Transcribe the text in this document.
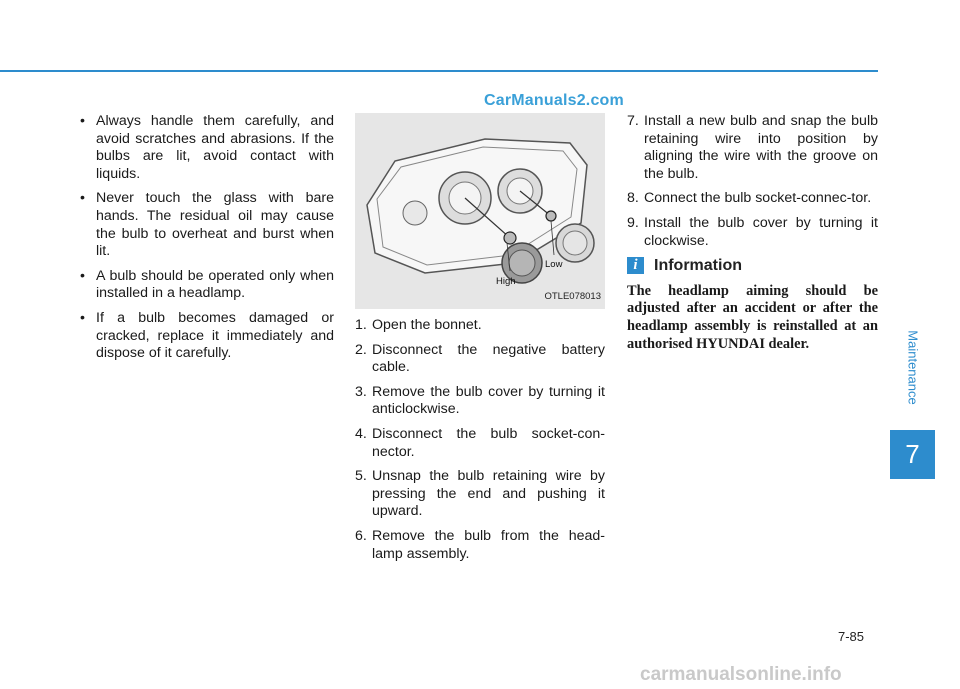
CarManuals2.com
• Always handle them carefully, and avoid scratches and abrasions. If the bulbs are lit, avoid contact with liquids.
• Never touch the glass with bare hands. The residual oil may cause the bulb to overheat and burst when lit.
• A bulb should be operated only when installed in a headlamp.
• If a bulb becomes damaged or cracked, replace it immediately and dispose of it carefully.
High
Low
OTLE078013
1. Open the bonnet.
2. Disconnect the negative battery cable.
3. Remove the bulb cover by turning it anticlockwise.
4. Disconnect the bulb socket-con-nector.
5. Unsnap the bulb retaining wire by pressing the end and pushing it upward.
6. Remove the bulb from the head-lamp assembly.
7. Install a new bulb and snap the bulb retaining wire into position by aligning the wire with the groove on the bulb.
8. Connect the bulb socket-connec-tor.
9. Install the bulb cover by turning it clockwise.
i	Information
The headlamp aiming should be adjusted after an accident or after the headlamp assembly is reinstalled at an authorised HYUNDAI dealer.	Maintenance
7
7-85
carmanualsonline.info
